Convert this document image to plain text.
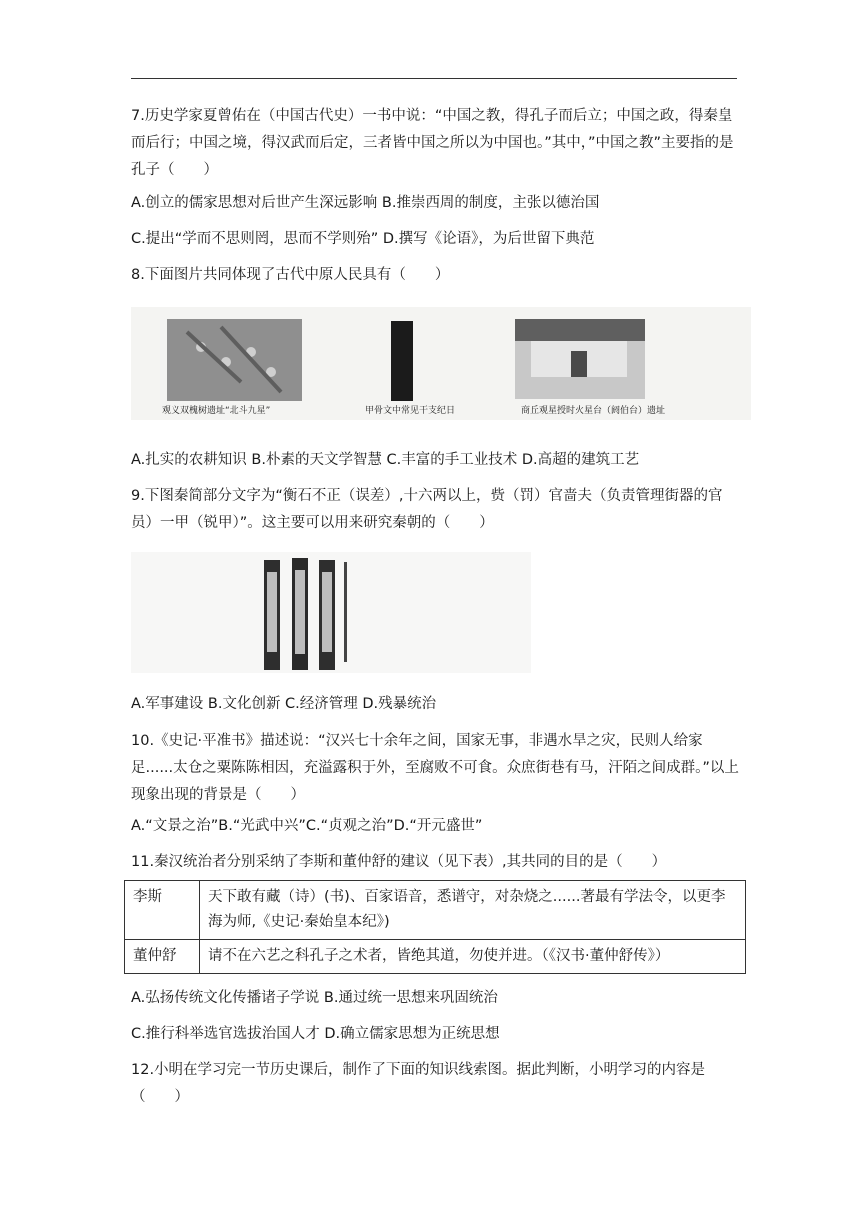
7.历史学家夏曾佑在（中国古代史）一书中说：“中国之教，得孔子而后立；中国之政，得秦皇而后行；中国之境，得汉武而后定，三者皆中国之所以为中国也。”其中，”中国之教”主要指的是孔子（　　）
A.创立的儒家思想对后世产生深远影响 B.推崇西周的制度，主张以德治国
C.提出“学而不思则罔，思而不学则殆” D.撰写《论语》，为后世留下典范
8.下面图片共同体现了古代中原人民具有（　　）
观义双槐树遗址“北斗九星”	甲骨文中常见干支纪日	商丘观星授时火星台（阏伯台）遗址
A.扎实的农耕知识 B.朴素的天文学智慧 C.丰富的手工业技术 D.高超的建筑工艺
9.下图秦简部分文字为“衡石不正（误差）,十六两以上，赀（罚）官啬夫（负责管理街器的官员）一甲（锐甲）”。这主要可以用来研究秦朝的（　　）
A.军事建设 B.文化创新 C.经济管理 D.残暴统治
10.《史记·平准书》描述说：“汉兴七十余年之间，国家无事，非遇水旱之灾，民则人给家足......太仓之粟陈陈相因，充溢露积于外，至腐败不可食。众庶街巷有马，汗陌之间成群。”以上现象出现的背景是（　　）
A.“文景之治”B.“光武中兴”C.“贞观之治”D.“开元盛世”
11.秦汉统治者分别采纳了李斯和董仲舒的建议（见下表）,其共同的目的是（　　）
李斯	天下敢有藏（诗）(书)、百家语音，悉谱守，对杂烧之......著最有学法令，以更李海为师,《史记·秦始皇本纪》)
董仲舒	请不在六艺之科孔子之术者，皆绝其道，勿使并进。（《汉书·董仲舒传》）
A.弘扬传统文化传播诸子学说 B.通过统一思想来巩固统治
C.推行科举选官选拔治国人才 D.确立儒家思想为正统思想
12.小明在学习完一节历史课后，制作了下面的知识线索图。据此判断，小明学习的内容是（　　）
